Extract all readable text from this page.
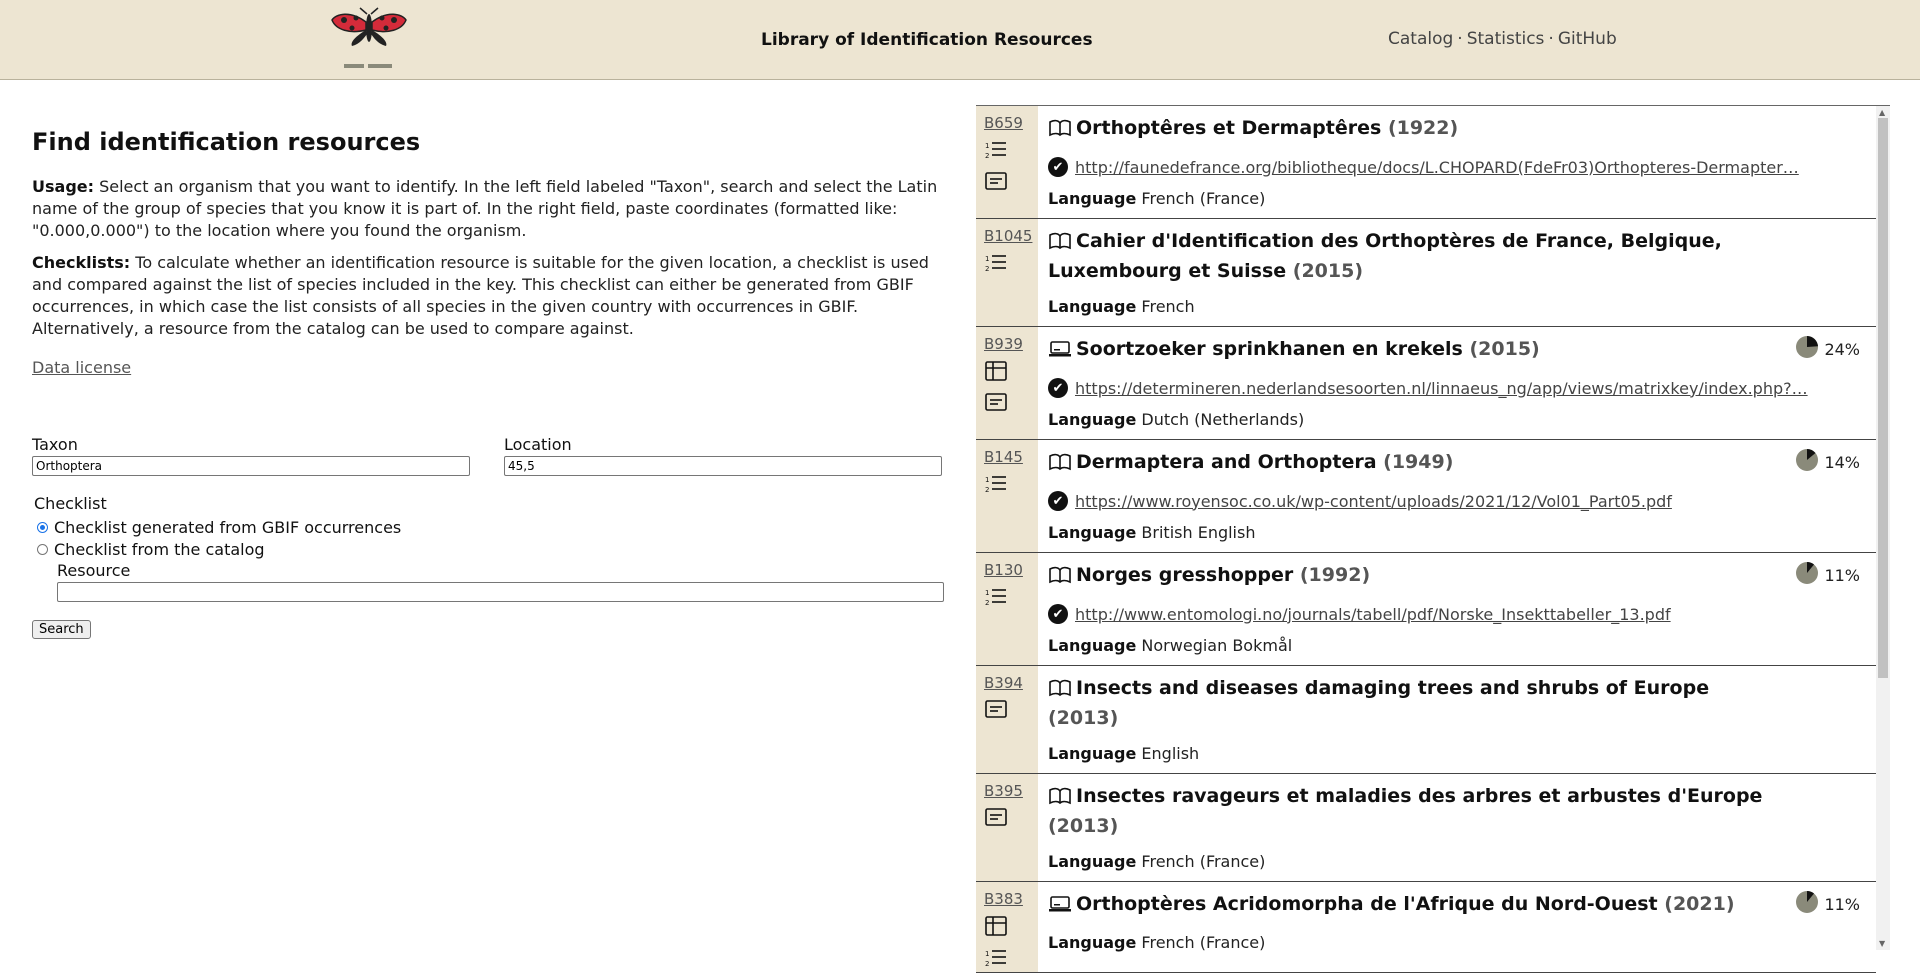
Library of Identification Resources	Catalog · Statistics · GitHub
Find identification resources

Usage: Select an organism that you want to identify. In the left field labeled "Taxon", search and select the Latin name of the group of species that you know it is part of. In the right field, paste coordinates (formatted like: "0.000,0.000") to the location where you found the organism.

Checklists: To calculate whether an identification resource is suitable for the given location, a checklist is used and compared against the list of species included in the key. This checklist can either be generated from GBIF occurrences, in which case the list consists of all species in the given country with occurrences in GBIF. Alternatively, a resource from the catalog can be used to compare against.

Data license
Taxon
Orthoptera	Location
45,5
Checklist
Checklist generated from GBIF occurrences
Checklist from the catalog
Resource
Search
B659
1
2
Orthoptêres et Dermaptêres (1922)
✔ http://faunedefrance.org/bibliotheque/docs/L.CHOPARD(FdeFr03)Orthopteres-Dermapter…
Language French (France)
B1045
1
2
Cahier d'Identification des Orthoptères de France, Belgique, Luxembourg et Suisse (2015)
Language French
B939	Soortzoeker sprinkhanen en krekels (2015)
✔ https://determineren.nederlandsesoorten.nl/linnaeus_ng/app/views/matrixkey/index.php?…
Language Dutch (Netherlands)
24%
B145
1
2
Dermaptera and Orthoptera (1949)
✔ https://www.royensoc.co.uk/wp-content/uploads/2021/12/Vol01_Part05.pdf
Language British English
14%
B130
1
2
Norges gresshopper (1992)
✔ http://www.entomologi.no/journals/tabell/pdf/Norske_Insekttabeller_13.pdf
Language Norwegian Bokmål
11%
B394	Insects and diseases damaging trees and shrubs of Europe (2013)
Language English
B395	Insectes ravageurs et maladies des arbres et arbustes d'Europe (2013)
Language French (France)
B383
1
2
Orthoptères Acridomorpha de l'Afrique du Nord-Ouest (2021)
Language French (France)
11%
▲
▼
